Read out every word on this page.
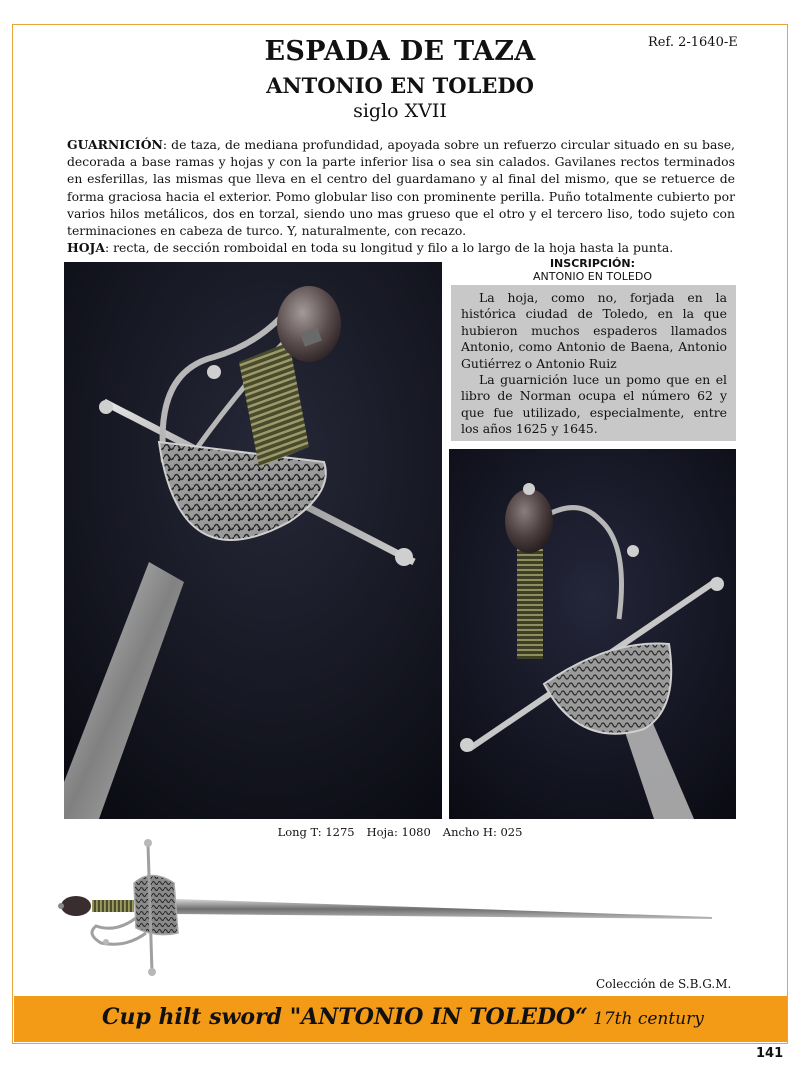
Ref. 2-1640-E
ESPADA DE TAZA
ANTONIO EN TOLEDO
siglo XVII
GUARNICIÓN: de taza, de mediana profundidad, apoyada sobre un refuerzo circular situado en su base, decorada a base ramas y hojas y con la parte inferior lisa o sea sin calados. Gavilanes rectos terminados en esferillas, las mismas que lleva en el centro del guardamano y al final del mismo, que se retuerce de forma graciosa hacia el exterior. Pomo globular liso con prominente perilla. Puño totalmente cubierto por varios hilos metálicos, dos en torzal, siendo uno mas grueso que el otro y el tercero liso, todo sujeto con terminaciones en cabeza de turco. Y, naturalmente, con recazo.
HOJA: recta, de sección romboidal en toda su longitud y filo a lo largo de la hoja hasta la punta.
INSCRIPCIÓN:
ANTONIO EN TOLEDO

La hoja, como no, forjada en la histórica ciudad de Toledo, en la que hubieron muchos espaderos llamados Antonio, como Antonio de Baena, Antonio Gutiérrez o Antonio Ruiz

La guarnición luce un pomo que en el libro de Norman ocupa el número 62 y que fue utilizado, especialmente, entre los años 1625 y 1645.

Long T: 1275 Hoja: 1080 Ancho H: 025
Colección de S.B.G.M.
Cup hilt sword "ANTONIO IN TOLEDO“ 17th century
141
